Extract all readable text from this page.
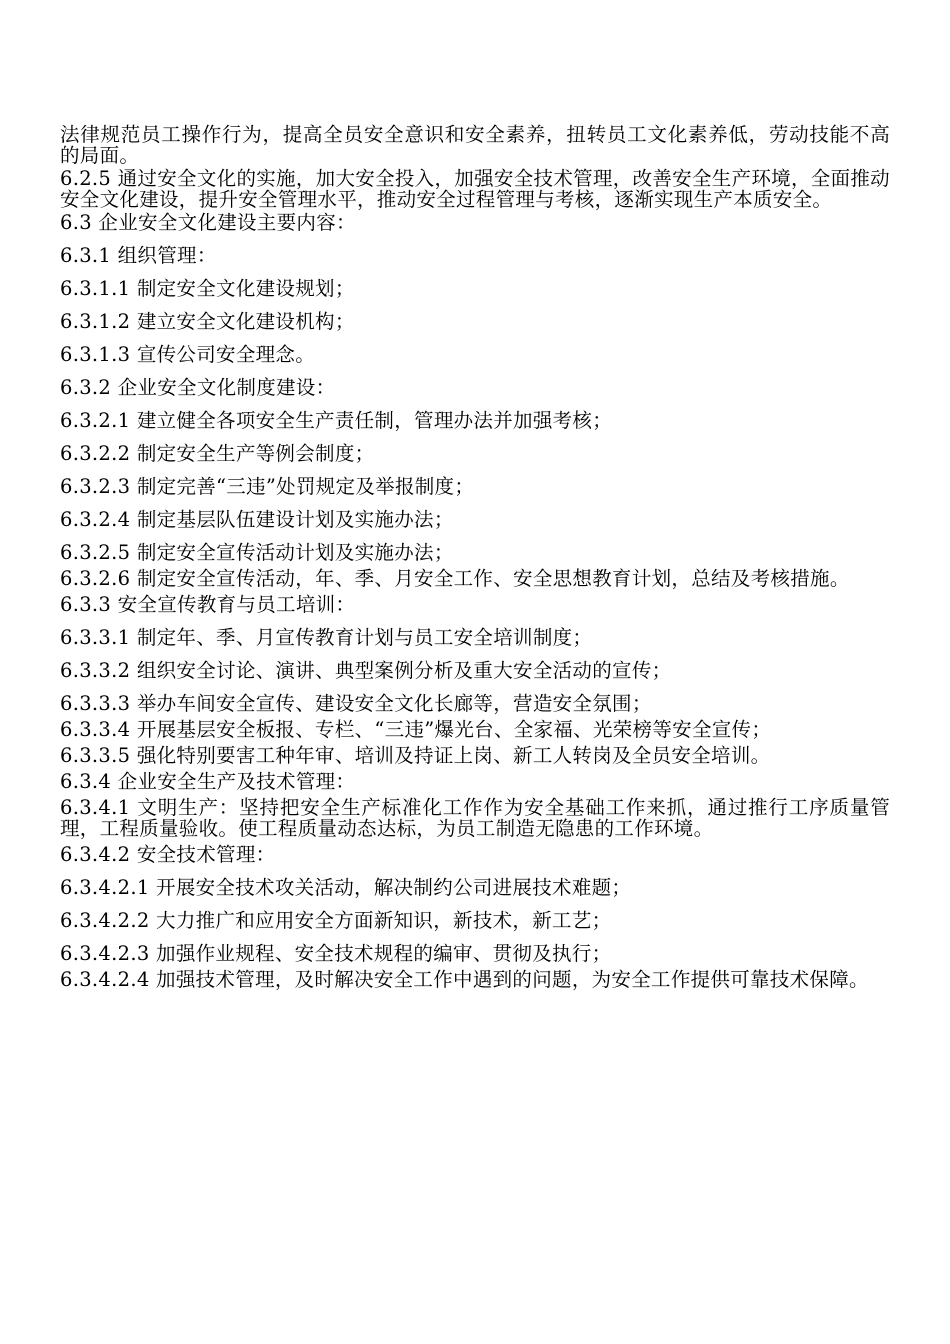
法律规范员工操作行为，提高全员安全意识和安全素养，扭转员工文化素养低，劳动技能不高的局面。

6.2.5 通过安全文化的实施，加大安全投入，加强安全技术管理，改善安全生产环境，全面推动安全文化建设，提升安全管理水平，推动安全过程管理与考核，逐渐实现生产本质安全。

6.3 企业安全文化建设主要内容：

6.3.1 组织管理：

6.3.1.1 制定安全文化建设规划；

6.3.1.2 建立安全文化建设机构；

6.3.1.3 宣传公司安全理念。

6.3.2 企业安全文化制度建设：

6.3.2.1 建立健全各项安全生产责任制，管理办法并加强考核；

6.3.2.2 制定安全生产等例会制度；

6.3.2.3 制定完善“三违”处罚规定及举报制度；

6.3.2.4 制定基层队伍建设计划及实施办法；

6.3.2.5 制定安全宣传活动计划及实施办法；

6.3.2.6 制定安全宣传活动，年、季、月安全工作、安全思想教育计划，总结及考核措施。

6.3.3 安全宣传教育与员工培训：

6.3.3.1 制定年、季、月宣传教育计划与员工安全培训制度；

6.3.3.2 组织安全讨论、演讲、典型案例分析及重大安全活动的宣传；

6.3.3.3 举办车间安全宣传、建设安全文化长廊等，营造安全氛围；

6.3.3.4 开展基层安全板报、专栏、“三违”爆光台、全家福、光荣榜等安全宣传；

6.3.3.5 强化特别要害工种年审、培训及持证上岗、新工人转岗及全员安全培训。

6.3.4 企业安全生产及技术管理：

6.3.4.1 文明生产：坚持把安全生产标准化工作作为安全基础工作来抓，通过推行工序质量管理，工程质量验收。使工程质量动态达标，为员工制造无隐患的工作环境。

6.3.4.2 安全技术管理：

6.3.4.2.1 开展安全技术攻关活动，解决制约公司进展技术难题；

6.3.4.2.2 大力推广和应用安全方面新知识，新技术，新工艺；

6.3.4.2.3 加强作业规程、安全技术规程的编审、贯彻及执行；

6.3.4.2.4 加强技术管理，及时解决安全工作中遇到的问题，为安全工作提供可靠技术保障。
